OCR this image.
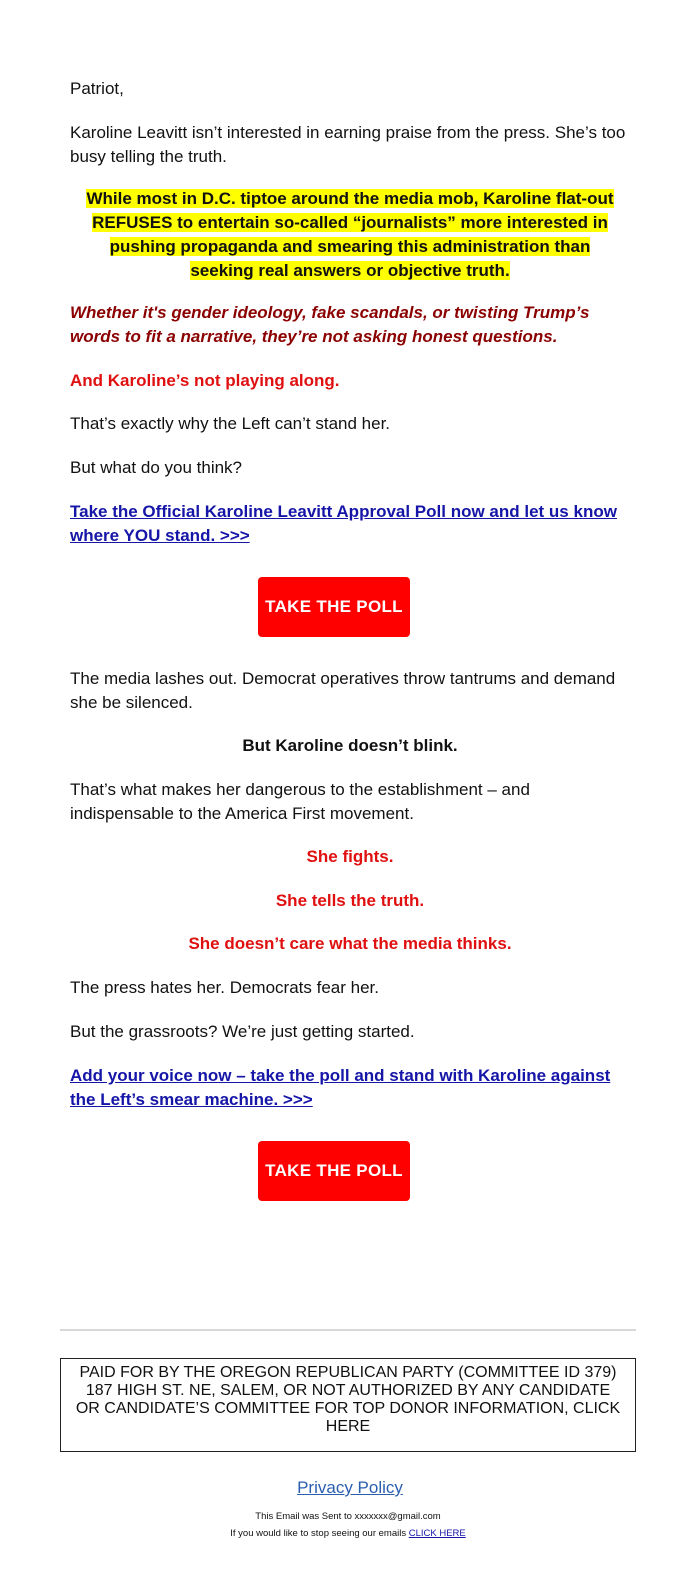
Patriot,

Karoline Leavitt isn’t interested in earning praise from the press. She’s too busy telling the truth.

While most in D.C. tiptoe around the media mob, Karoline flat-out
REFUSES to entertain so-called “journalists” more interested in
pushing propaganda and smearing this administration than
seeking real answers or objective truth.

Whether it's gender ideology, fake scandals, or twisting Trump’s words to fit a narrative, they’re not asking honest questions.

And Karoline’s not playing along.

That’s exactly why the Left can’t stand her.

But what do you think?

Take the Official Karoline Leavitt Approval Poll now and let us know where YOU stand. >>>

TAKE THE POLL

The media lashes out. Democrat operatives throw tantrums and demand she be silenced.

But Karoline doesn’t blink.

That’s what makes her dangerous to the establishment – and indispensable to the America First movement.

She fights.

She tells the truth.

She doesn’t care what the media thinks.

The press hates her. Democrats fear her.

But the grassroots? We’re just getting started.

Add your voice now – take the poll and stand with Karoline against the Left’s smear machine. >>>

TAKE THE POLL
PAID FOR BY THE OREGON REPUBLICAN PARTY (COMMITTEE ID 379) 187 HIGH ST. NE, SALEM, OR NOT AUTHORIZED BY ANY CANDIDATE OR CANDIDATE’S COMMITTEE FOR TOP DONOR INFORMATION, CLICK HERE
Privacy Policy
This Email was Sent to xxxxxxx@gmail.com
If you would like to stop seeing our emails CLICK HERE
